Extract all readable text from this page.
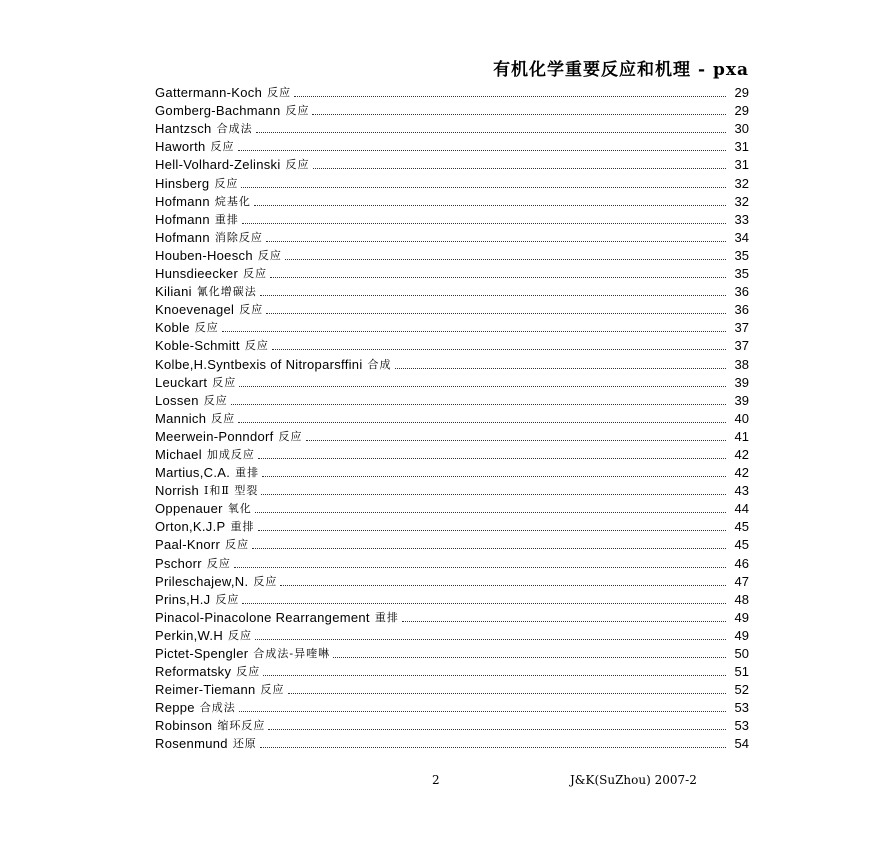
有机化学重要反应和机理 - pxa
Gattermann-Koch 反应	29
Gomberg-Bachmann 反应	29
Hantzsch 合成法	30
Haworth 反应	31
Hell-Volhard-Zelinski 反应	31
Hinsberg 反应	32
Hofmann 烷基化	32
Hofmann 重排	33
Hofmann 消除反应	34
Houben-Hoesch 反应	35
Hunsdieecker 反应	35
Kiliani 氰化增碳法	36
Knoevenagel 反应	36
Koble 反应	37
Koble-Schmitt 反应	37
Kolbe,H.Syntbexis of Nitroparsffini 合成	38
Leuckart 反应	39
Lossen 反应	39
Mannich 反应	40
Meerwein-Ponndorf 反应	41
Michael 加成反应	42
Martius,C.A. 重排	42
Norrish Ⅰ和Ⅱ 型裂	43
Oppenauer 氧化	44
Orton,K.J.P 重排	45
Paal-Knorr 反应	45
Pschorr 反应	46
Prileschajew,N. 反应	47
Prins,H.J 反应	48
Pinacol-Pinacolone Rearrangement 重排	49
Perkin,W.H 反应	49
Pictet-Spengler 合成法-异喹啉	50
Reformatsky 反应	51
Reimer-Tiemann 反应	52
Reppe 合成法	53
Robinson 缩环反应	53
Rosenmund 还原	54
2	J&K(SuZhou) 2007-2
